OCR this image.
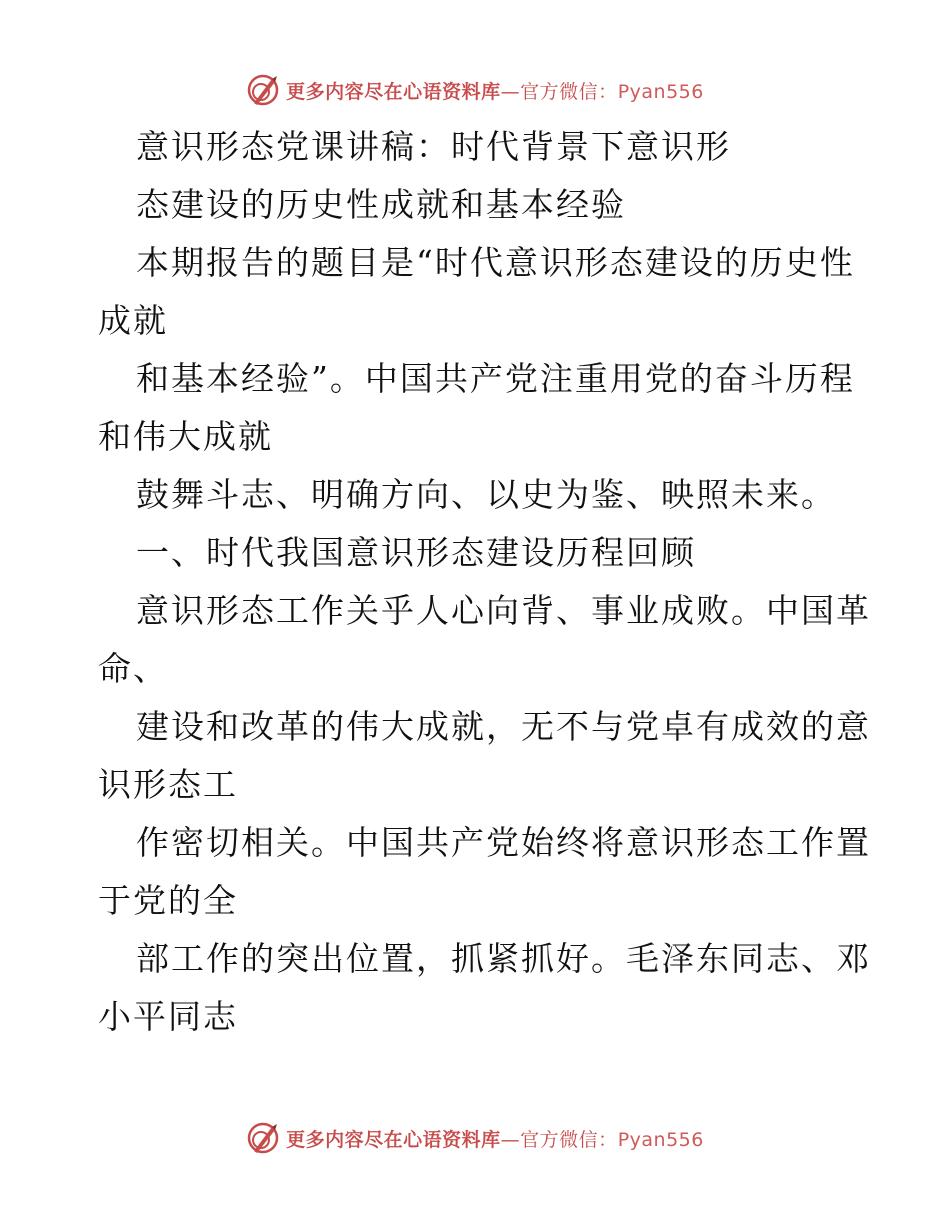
更多内容尽在心语资料库—官方微信：Pyan556
意识形态党课讲稿：时代背景下意识形
态建设的历史性成就和基本经验
本期报告的题目是“时代意识形态建设的历史性
成就
和基本经验”。中国共产党注重用党的奋斗历程
和伟大成就
鼓舞斗志、明确方向、以史为鉴、映照未来。
一、时代我国意识形态建设历程回顾
意识形态工作关乎人心向背、事业成败。中国革
命、
建设和改革的伟大成就，无不与党卓有成效的意
识形态工
作密切相关。中国共产党始终将意识形态工作置
于党的全
部工作的突出位置，抓紧抓好。毛泽东同志、邓
小平同志
更多内容尽在心语资料库—官方微信：Pyan556
